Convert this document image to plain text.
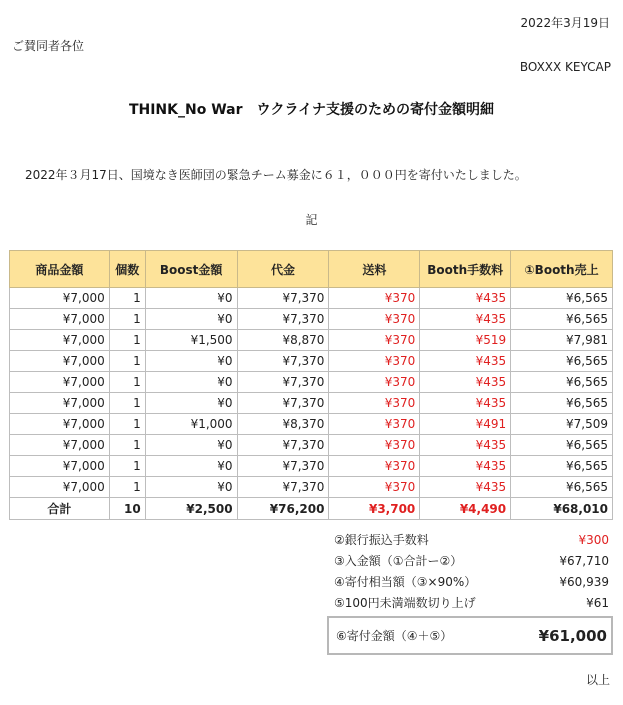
2022年3月19日
ご賛同者各位
BOXXX KEYCAP
THINK_No War　ウクライナ支援のための寄付金額明細
2022年３月17日、国境なき医師団の緊急チーム募金に６１，０００円を寄付いたしました。
記
商品金額	個数	Boost金額	代金	送料	Booth手数料	①Booth売上
¥7,000	1	¥0	¥7,370	¥370	¥435	¥6,565
¥7,000	1	¥0	¥7,370	¥370	¥435	¥6,565
¥7,000	1	¥1,500	¥8,870	¥370	¥519	¥7,981
¥7,000	1	¥0	¥7,370	¥370	¥435	¥6,565
¥7,000	1	¥0	¥7,370	¥370	¥435	¥6,565
¥7,000	1	¥0	¥7,370	¥370	¥435	¥6,565
¥7,000	1	¥1,000	¥8,370	¥370	¥491	¥7,509
¥7,000	1	¥0	¥7,370	¥370	¥435	¥6,565
¥7,000	1	¥0	¥7,370	¥370	¥435	¥6,565
¥7,000	1	¥0	¥7,370	¥370	¥435	¥6,565
合計	10	¥2,500	¥76,200	¥3,700	¥4,490	¥68,010
②銀行振込手数料	¥300
③入金額（①合計ー②）	¥67,710
④寄付相当額（③×90%）	¥60,939
⑤100円未満端数切り上げ	¥61
⑥寄付金額（④＋⑤）	¥61,000
以上
